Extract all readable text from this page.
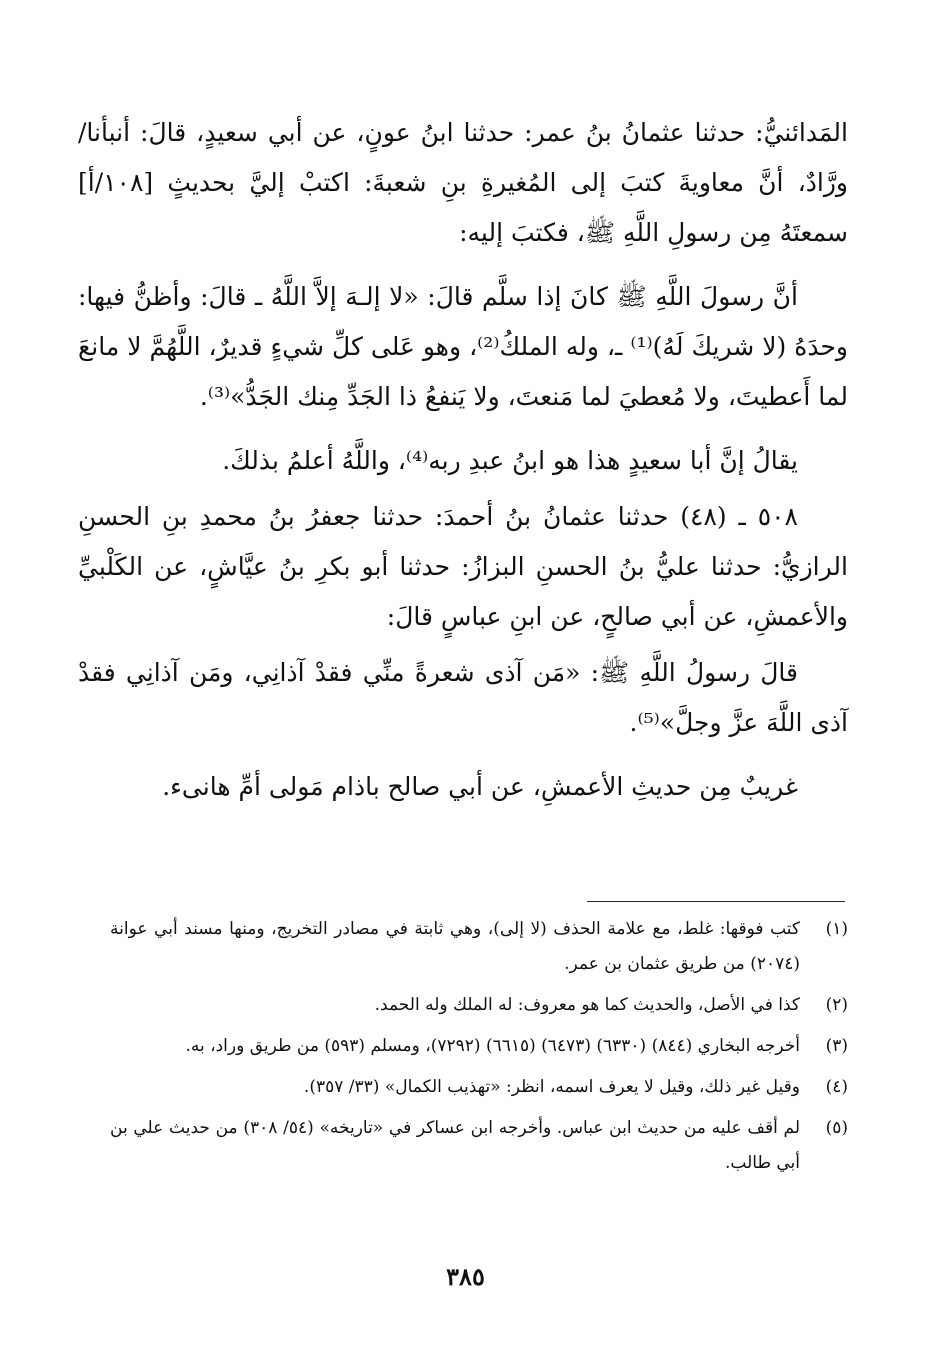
المَدائنيُّ: حدثنا عثمانُ بنُ عمر: حدثنا ابنُ عونٍ، عن أبي سعيدٍ، قالَ: أنبأنا/ ورَّادٌ، أنَّ معاويةَ كتبَ إلى المُغيرةِ بنِ شعبةَ: اكتبْ إليَّ بحديثٍ [١٠٨/أ] سمعتَهُ مِن رسولِ اللَّهِ ﷺ، فكتبَ إليه:

أنَّ رسولَ اللَّهِ ﷺ كانَ إذا سلَّم قالَ: «لا إلـهَ إلاَّ اللَّهُ ـ قالَ: وأظنُّ فيها: وحدَهُ (لا شريكَ لَهُ)⁽¹⁾ ـ، وله الملكُ⁽²⁾، وهو عَلى كلِّ شيءٍ قديرٌ، اللَّهُمَّ لا مانعَ لما أَعطيتَ، ولا مُعطيَ لما مَنعتَ، ولا يَنفعُ ذا الجَدِّ مِنك الجَدُّ»⁽³⁾.

يقالُ إنَّ أبا سعيدٍ هذا هو ابنُ عبدِ ربه⁽⁴⁾، واللَّهُ أعلمُ بذلكَ.

٥٠٨ ـ (٤٨) حدثنا عثمانُ بنُ أحمدَ: حدثنا جعفرُ بنُ محمدِ بنِ الحسنِ الرازيُّ: حدثنا عليُّ بنُ الحسنِ البزازُ: حدثنا أبو بكرِ بنُ عيَّاشٍ، عن الكَلْبيِّ والأعمشِ، عن أبي صالحٍ، عن ابنِ عباسٍ قالَ:

قالَ رسولُ اللَّهِ ﷺ: «مَن آذى شعرةً منِّي فقدْ آذانِي، ومَن آذانِي فقدْ آذى اللَّهَ عزَّ وجلَّ»⁽⁵⁾.

غريبٌ مِن حديثِ الأعمشِ، عن أبي صالح باذام مَولى أمِّ هانىء.

(١)
كتب فوقها: غلط، مع علامة الحذف (لا إلى)، وهي ثابتة في مصادر التخريج، ومنها مسند أبي عوانة (٢٠٧٤) من طريق عثمان بن عمر.
(٢)
كذا في الأصل، والحديث كما هو معروف: له الملك وله الحمد.
(٣)
أخرجه البخاري (٨٤٤) (٦٣٣٠) (٦٤٧٣) (٦٦١٥) (٧٢٩٢)، ومسلم (٥٩٣) من طريق وراد، به.
(٤)
وقيل غير ذلك، وقيل لا يعرف اسمه، انظر: «تهذيب الكمال» (٣٣/ ٣٥٧).
(٥)
لم أقف عليه من حديث ابن عباس. وأخرجه ابن عساكر في «تاريخه» (٥٤/ ٣٠٨) من حديث علي بن أبي طالب.
٣٨٥
